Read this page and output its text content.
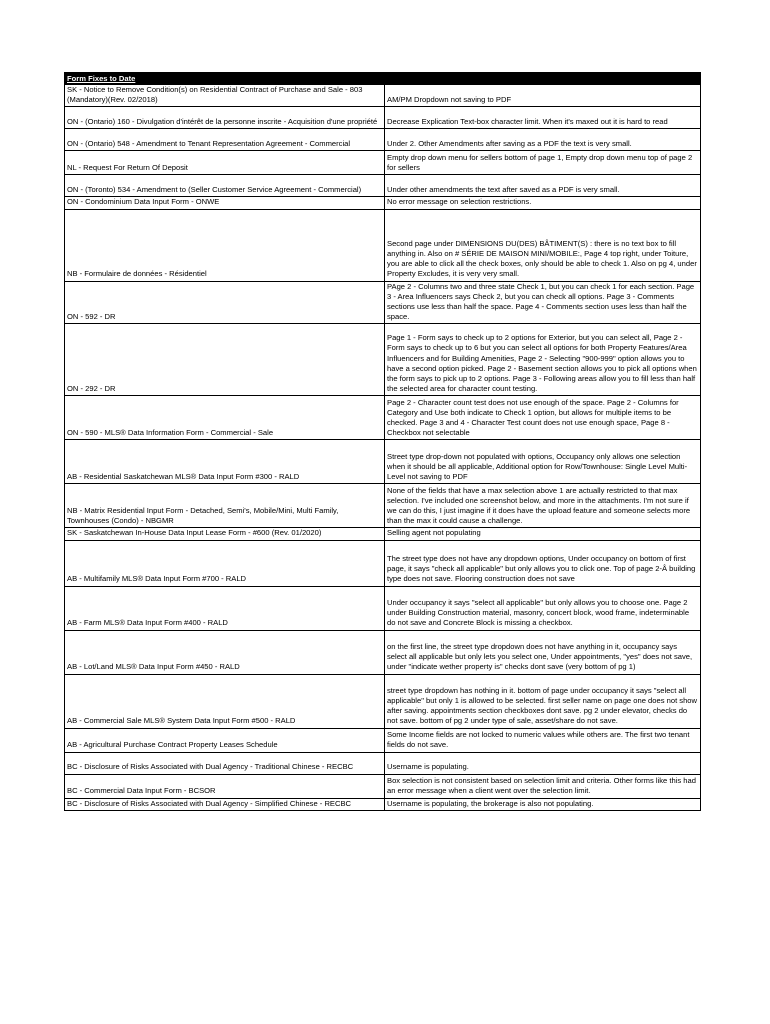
Form Fixes to Date	
SK - Notice to Remove Condition(s) on Residential Contract of Purchase and Sale - 803 (Mandatory)(Rev. 02/2018)	AM/PM Dropdown not saving to PDF
ON - (Ontario) 160 - Divulgation d'intérêt de la personne inscrite - Acquisition d'une propriété	Decrease Explication Text-box character limit. When it's maxed out it is hard to read
ON - (Ontario) 548 - Amendment to Tenant Representation Agreement - Commercial	Under 2. Other Amendments after saving as a PDF the text is very small.
NL - Request For Return Of Deposit	Empty drop down menu for sellers bottom of page 1, Empty drop down menu top of page 2 for sellers
ON - (Toronto) 534 - Amendment to (Seller Customer Service Agreement - Commercial)	Under other amendments the text after saved as a PDF is very small.
ON - Condominium Data Input Form - ONWE	No error message on selection restrictions.
NB - Formulaire de données - Résidentiel	Second page under DIMENSIONS DU(DES) BÂTIMENT(S) : there is no text box to fill anything in. Also on # SÉRIE DE MAISON MINI/MOBILE:, Page 4 top right, under Toiture, you are able to click all the check boxes, only should be able to check 1. Also on pg 4, under Property Excludes, it is very very small.
ON - 592 - DR	PAge 2 - Columns two and three state Check 1, but you can check 1 for each section. Page 3 - Area Influencers says Check 2, but you can check all options. Page 3 - Comments sections use less than half the space. Page 4 - Comments section uses less than half the space.
ON - 292 - DR	Page 1 - Form says to check up to 2 options for Exterior, but you can select all, Page 2 - Form says to check up to 6 but you can select all options for both Property Features/Area Influencers and for Building Amenities, Page 2 - Selecting "900-999" option allows you to have a second option picked. Page 2 - Basement section allows you to pick all options when the form says to pick up to 2 options. Page 3 - Following areas allow you to fill less than half the selected area for character count testing.
ON - 590 - MLS® Data Information Form - Commercial - Sale	Page 2 - Character count test does not use enough of the space. Page 2 - Columns for Category and Use both indicate to Check 1 option, but allows for multiple items to be checked. Page 3 and 4 - Character Test count does not use enough space, Page 8 - Checkbox not selectable
AB - Residential Saskatchewan MLS® Data Input Form #300 - RALD	Street type drop-down not populated with options, Occupancy only allows one selection when it should be all applicable, Additional option for Row/Townhouse: Single Level Multi-Level not saving to PDF
NB - Matrix Residential Input Form - Detached, Semi's, Mobile/Mini, Multi Family, Townhouses (Condo) - NBGMR	None of the fields that have a max selection above 1 are actually restricted to that max selection. I've included one screenshot below, and more in the attachments. I'm not sure if we can do this, I just imagine if it does have the upload feature and someone selects more than the max it could cause a challenge.
SK - Saskatchewan In-House Data Input Lease Form - #600 (Rev. 01/2020)	Selling agent not populating
AB - Multifamily MLS® Data Input Form #700 - RALD	The street type does not have any dropdown options, Under occupancy on bottom of first page, it says "check all applicable" but only allows you to click one. Top of page 2-Â building type does not save. Flooring construction does not save
AB - Farm MLS® Data Input Form #400 - RALD	Under occupancy it says "select all applicable" but only allows you to choose one. Page 2 under Building Construction material, masonry, concert block, wood frame, indeterminable do not save and Concrete Block is missing a checkbox.
AB - Lot/Land MLS® Data Input Form #450 - RALD	on the first line, the street type dropdown does not have anything in it, occupancy says select all applicable but only lets you select one, Under appointments, "yes" does not save, under "indicate wether property is" checks dont save (very bottom of pg 1)
AB - Commercial Sale MLS® System Data Input Form #500 - RALD	street type dropdown has nothing in it. bottom of page under occupancy it says "select all applicable" but only 1 is allowed to be selected. first seller name on page one does not show after saving. appointments section checkboxes dont save. pg 2 under elevator, checks do not save. bottom of pg 2 under type of sale, asset/share do not save.
AB - Agricultural Purchase Contract Property Leases Schedule	Some Income fields are not locked to numeric values while others are. The first two tenant fields do not save.
BC - Disclosure of Risks Associated with Dual Agency - Traditional Chinese - RECBC	Username is populating.
BC - Commercial Data Input Form - BCSOR	Box selection is not consistent based on selection limit and criteria. Other forms like this had an error message when a client went over the selection limit.
BC - Disclosure of Risks Associated with Dual Agency - Simplified Chinese - RECBC	Username is populating, the brokerage is also not populating.
